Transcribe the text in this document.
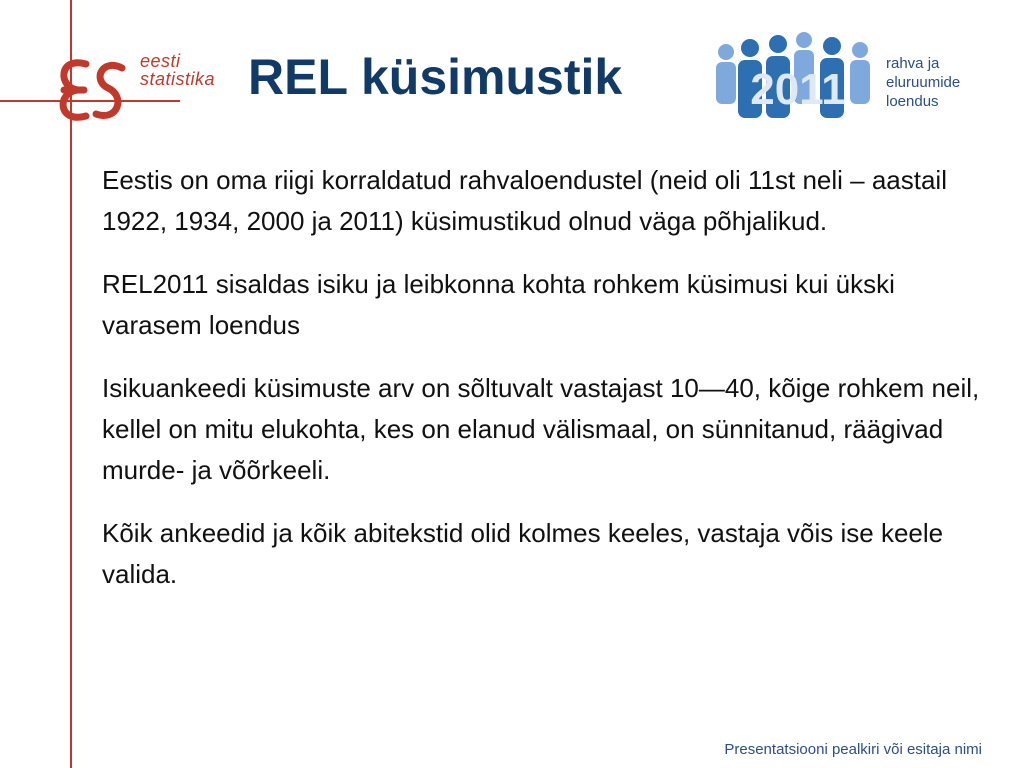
eesti
statistika REL küsimustik	2011
rahva ja
eluruumide
loendus

Eestis on oma riigi korraldatud rahvaloendustel (neid oli 11st neli – aastail 1922, 1934, 2000 ja 2011) küsimustikud olnud väga põhjalikud.

REL2011 sisaldas isiku ja leibkonna kohta rohkem küsimusi kui ükski varasem loendus

Isikuankeedi küsimuste arv on sõltuvalt vastajast 10—40, kõige rohkem neil, kellel on mitu elukohta, kes on elanud välismaal, on sünnitanud, räägivad murde- ja võõrkeeli.

Kõik ankeedid ja kõik abitekstid olid kolmes keeles, vastaja võis ise keele valida.

Presentatsiooni pealkiri või esitaja nimi
